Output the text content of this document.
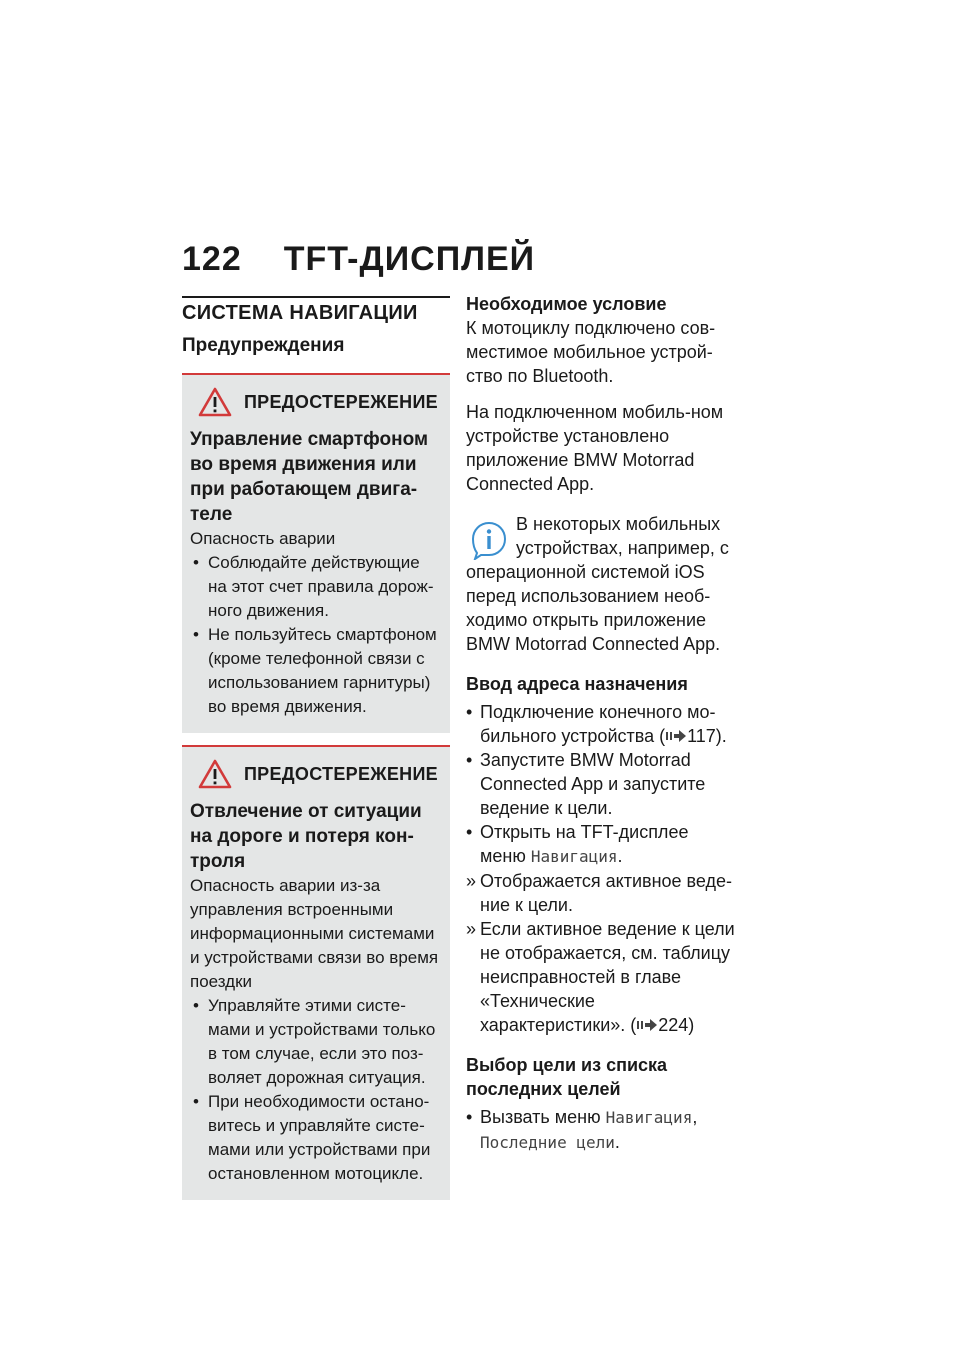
122 TFT-ДИСПЛЕЙ
СИСТЕМА НАВИГАЦИИ
Предупреждения
ПРЕДОСТЕРЕЖЕНИЕ
Управление смартфоном во время движения или при работающем двига-теле
Опасность аварии
• Соблюдайте действующие на этот счет правила дорож-ного движения.
• Не пользуйтесь смартфоном (кроме телефонной связи с использованием гарнитуры) во время движения.
ПРЕДОСТЕРЕЖЕНИЕ
Отвлечение от ситуации на дороге и потеря кон-троля
Опасность аварии из-за управления встроенными информационными системами и устройствами связи во время поездки
• Управляйте этими систе-мами и устройствами только в том случае, если это поз-воляет дорожная ситуация.
• При необходимости остано-витесь и управляйте систе-мами или устройствами при остановленном мотоцикле.
Необходимое условие

К мотоциклу подключено сов-местимое мобильное устрой-ство по Bluetooth.

На подключенном мобиль-ном устройстве установлено приложение BMW Motorrad Connected App.

В некоторых мобильных устройствах, например, с операционной системой iOS перед использованием необ-ходимо открыть приложение BMW Motorrad Connected App.
Ввод адреса назначения
• Подключение конечного мо-бильного устройства ( 117).
• Запустите BMW Motorrad Connected App и запустите ведение к цели.
• Открыть на TFT-дисплее меню Навигация.
» Отображается активное веде-ние к цели.
» Если активное ведение к цели не отображается, см. таблицу неисправностей в главе «Технические характеристики». ( 224)
Выбор цели из списка последних целей
• Вызвать меню Навигация, Последние цели.
